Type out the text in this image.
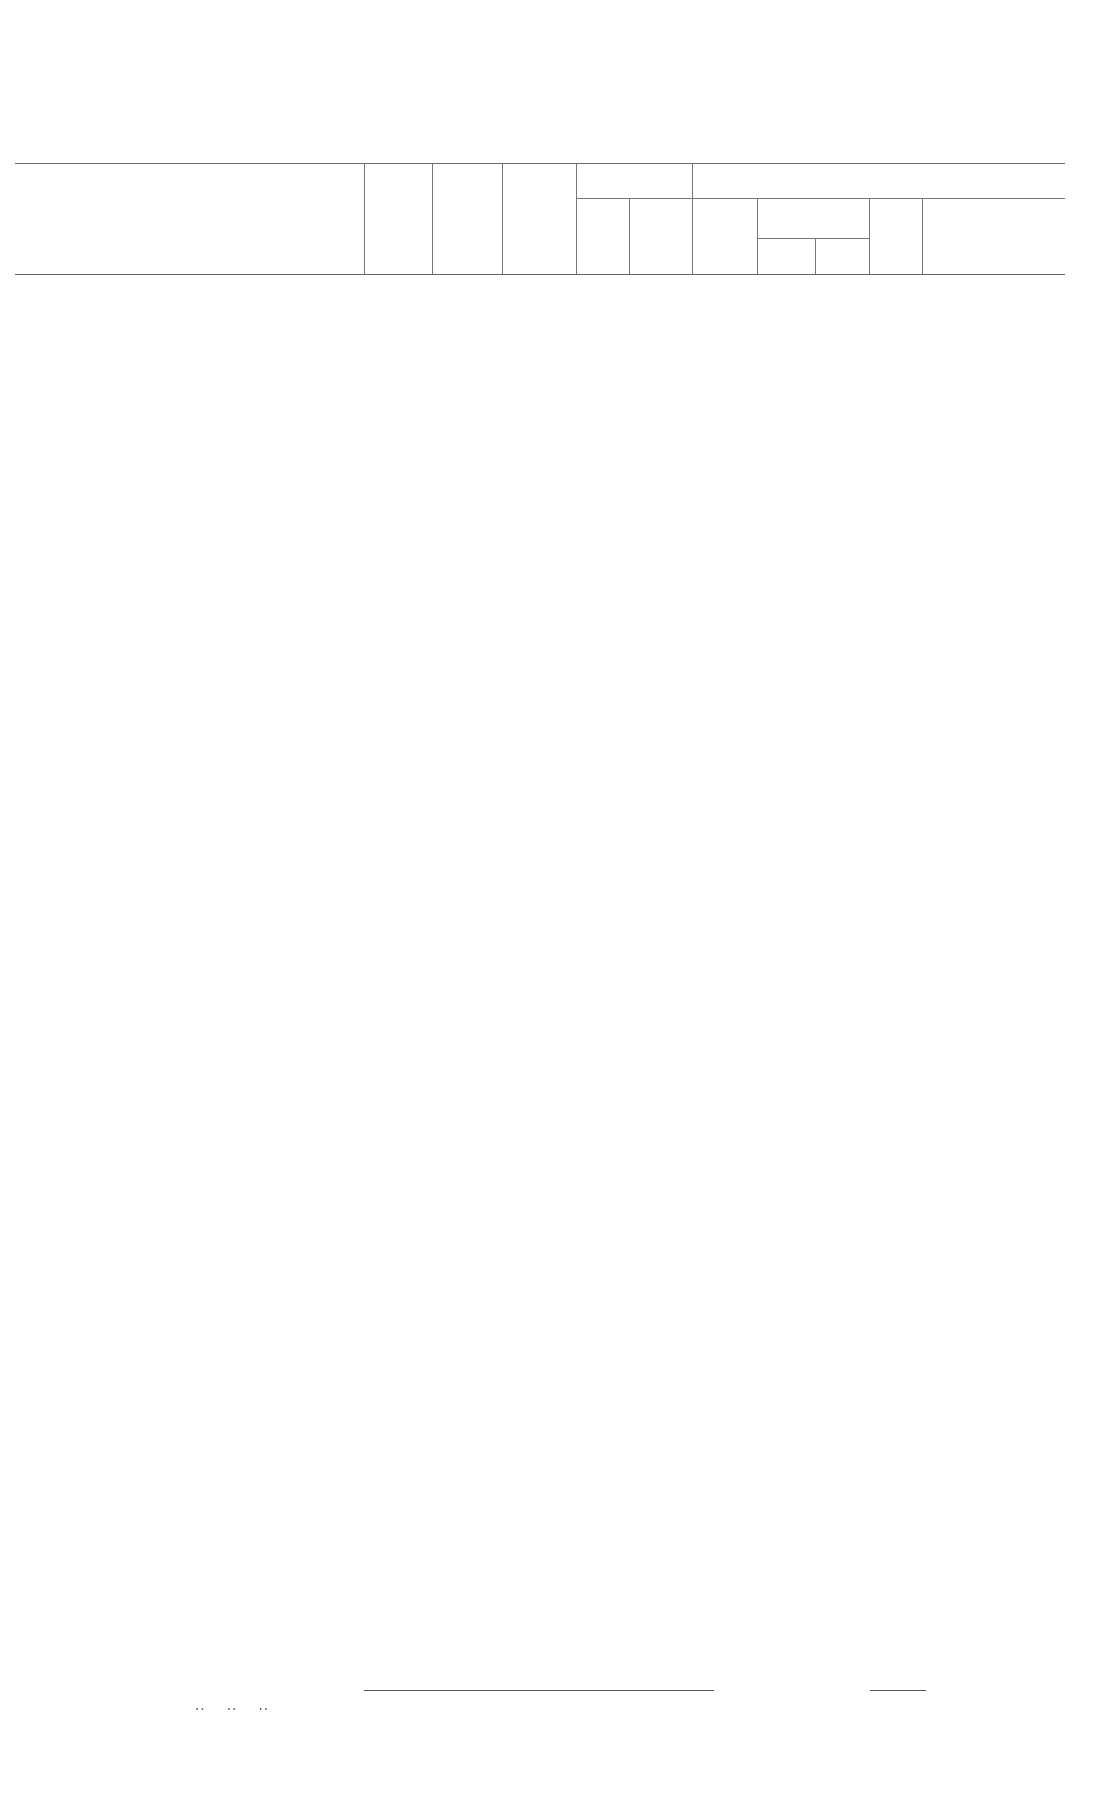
..    ..    ..
